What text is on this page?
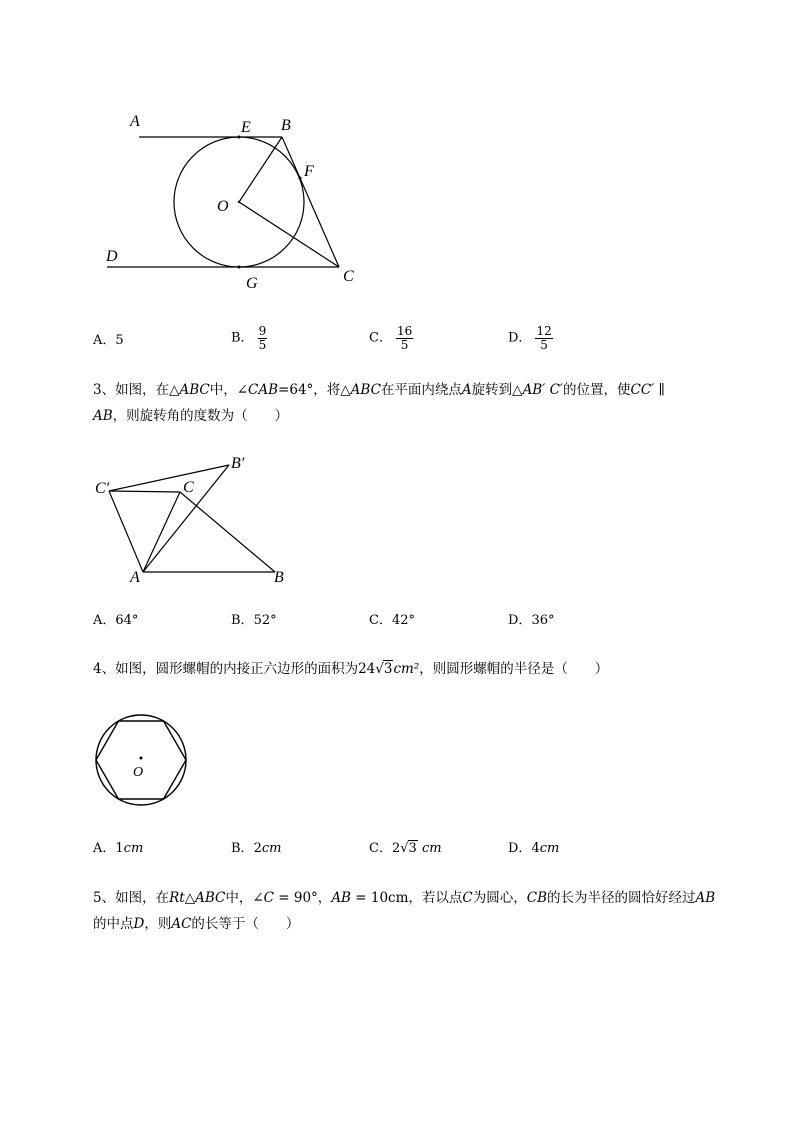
A	E B
F
O
D
G	C
A．5	B． $\frac{9}{5}$	C． $\frac{16}{5}$	D． $\frac{12}{5}$
3、如图，在△ABC中，∠CAB=64°，将△ABC在平面内绕点A旋转到△AB′ C′的位置，使CC′ ∥
AB，则旋转角的度数为（　　）
C′	C
B′
A	B
A．64°	B．52°	C．42°	D．36°
4、如图，圆形螺帽的内接正六边形的面积为24√3cm²，则圆形螺帽的半径是（　　）
O
A．1cm	B．2cm	C．2√3 cm	D．4cm
5、如图，在Rt△ABC中，∠C = 90°，AB = 10cm，若以点C为圆心，CB的长为半径的圆恰好经过AB
的中点D，则AC的长等于（　　）
